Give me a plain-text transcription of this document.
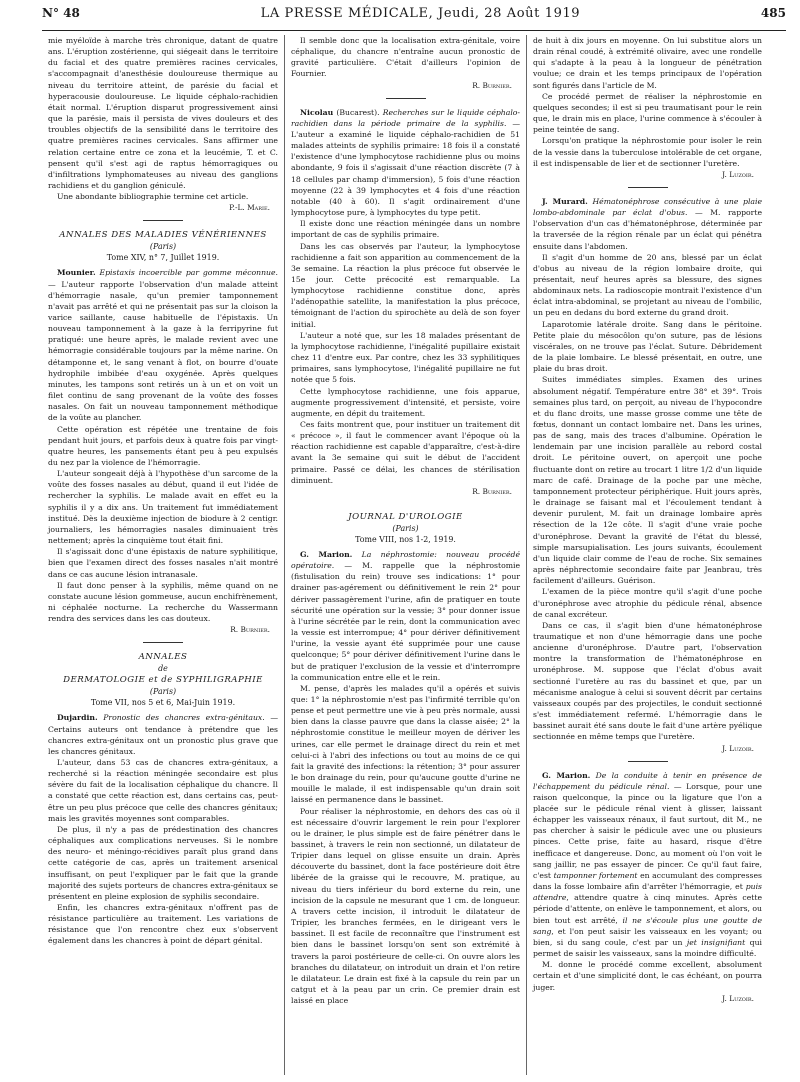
N° 48	LA PRESSE MÉDICALE, Jeudi, 28 Août 1919	485

mie myéloïde à marche très chronique, datant de quatre ans. L'éruption zostérienne, qui siégeait dans le territoire du facial et des quatre premières racines cervicales, s'accompagnait d'anesthésie douloureuse thermique au niveau du territoire atteint, de parésie du facial et hyperacousie douloureuse. Le liquide céphalo-rachidien était normal. L'éruption disparut progressivement ainsi que la parésie, mais il persista de vives douleurs et des troubles objectifs de la sensibilité dans le territoire des quatre premières racines cervicales. Sans affirmer une relation certaine entre ce zona et la leucémie, T. et C. pensent qu'il s'est agi de raptus hémorragiques ou d'infiltrations lymphomateuses au niveau des ganglions rachidiens et du ganglion géniculé.

Une abondante bibliographie termine cet article.

P.-L. Marie.
ANNALES DES MALADIES VÉNÉRIENNES
(Paris)
Tome XIV, n° 7, Juillet 1919.

Mounier. Epistaxis incoercible par gomme méconnue. — L'auteur rapporte l'observation d'un malade atteint d'hémorragie nasale, qu'un premier tamponnement n'avait pas arrêté et qui ne présentait pas sur la cloison la varice saillante, cause habituelle de l'épistaxis. Un nouveau tamponnement à la gaze à la ferripyrine fut pratiqué: une heure après, le malade revient avec une hémorragie considérable toujours par la même narine. On détamponne et, le sang venant à flot, on bourre d'ouate hydrophile imbibée d'eau oxygénée. Après quelques minutes, les tampons sont retirés un à un et on voit un filet continu de sang provenant de la voûte des fosses nasales. On fait un nouveau tamponnement méthodique de la voûte au plancher.

Cette opération est répétée une trentaine de fois pendant huit jours, et parfois deux à quatre fois par vingt-quatre heures, les pansements étant peu à peu expulsés du nez par la violence de l'hémorragie.

L'auteur songeait déjà à l'hypothèse d'un sarcome de la voûte des fosses nasales au début, quand il eut l'idée de rechercher la syphilis. Le malade avait en effet eu la syphilis il y a dix ans. Un traitement fut immédiatement institué. Dès la deuxième injection de biodure à 2 centigr. journaliers, les hémorragies nasales diminuaient très nettement; après la cinquième tout était fini.

Il s'agissait donc d'une épistaxis de nature syphilitique, bien que l'examen direct des fosses nasales n'ait montré dans ce cas aucune lésion intranasale.

Il faut donc penser à la syphilis, même quand on ne constate aucune lésion gommeuse, aucun enchifrènement, ni céphalée nocturne. La recherche du Wassermann rendra des services dans les cas douteux.

R. Burnier.
ANNALES
de
DERMATOLOGIE et de SYPHILIGRAPHIE
(Paris)
Tome VII, nos 5 et 6, Mai-Juin 1919.

Dujardin. Pronostic des chancres extra-génitaux. — Certains auteurs ont tendance à prétendre que les chancres extra-génitaux ont un pronostic plus grave que les chancres génitaux.

L'auteur, dans 53 cas de chancres extra-génitaux, a recherché si la réaction méningée secondaire est plus sévère du fait de la localisation céphalique du chancre. Il a constaté que cette réaction est, dans certains cas, peut-être un peu plus précoce que celle des chancres génitaux; mais les gravités moyennes sont comparables.

De plus, il n'y a pas de prédestination des chancres céphaliques aux complications nerveuses. Si le nombre des neuro- et méningo-récidives paraît plus grand dans cette catégorie de cas, après un traitement arsenical insuffisant, on peut l'expliquer par le fait que la grande majorité des sujets porteurs de chancres extra-génitaux se présentent en pleine explosion de syphilis secondaire.

Enfin, les chancres extra-génitaux n'offrent pas de résistance particulière au traitement. Les variations de résistance que l'on rencontre chez eux s'observent également dans les chancres à point de départ génital.

Il semble donc que la localisation extra-génitale, voire céphalique, du chancre n'entraîne aucun pronostic de gravité particulière. C'était d'ailleurs l'opinion de Fournier.

R. Burnier.

Nicolau (Bucarest). Recherches sur le liquide céphalo-rachidien dans la période primaire de la syphilis. — L'auteur a examiné le liquide céphalo-rachidien de 51 malades atteints de syphilis primaire: 18 fois il a constaté l'existence d'une lymphocytose rachidienne plus ou moins abondante, 9 fois il s'agissait d'une réaction discrète (7 à 18 cellules par champ d'immersion), 5 fois d'une réaction moyenne (22 à 39 lymphocytes et 4 fois d'une réaction notable (40 à 60). Il s'agit ordinairement d'une lymphocytose pure, à lymphocytes du type petit.

Il existe donc une réaction méningée dans un nombre important de cas de syphilis primaire.

Dans les cas observés par l'auteur, la lymphocytose rachidienne a fait son apparition au commencement de la 3e semaine. La réaction la plus précoce fut observée le 15e jour. Cette précocité est remarquable. La lymphocytose rachidienne constitue donc, après l'adénopathie satellite, la manifestation la plus précoce, témoignant de l'action du spirochète au delà de son foyer initial.

L'auteur a noté que, sur les 18 malades présentant de la lymphocytose rachidienne, l'inégalité pupillaire existait chez 11 d'entre eux. Par contre, chez les 33 syphilitiques primaires, sans lymphocytose, l'inégalité pupillaire ne fut notée que 5 fois.

Cette lymphocytose rachidienne, une fois apparue, augmente progressivement d'intensité, et persiste, voire augmente, en dépit du traitement.

Ces faits montrent que, pour instituer un traitement dit « précoce », il faut le commencer avant l'époque où la réaction rachidienne est capable d'apparaître, c'est-à-dire avant la 3e semaine qui suit le début de l'accident primaire. Passé ce délai, les chances de stérilisation diminuent.

R. Burnier.
JOURNAL D'UROLOGIE
(Paris)
Tome VIII, nos 1-2, 1919.

G. Marion. La néphrostomie: nouveau procédé opératoire. — M. rappelle que la néphrostomie (fistulisation du rein) trouve ses indications: 1° pour drainer pas-agérement ou définitivement le rein 2° pour dériver passagèrement l'urine, afin de pratiquer en toute sécurité une opération sur la vessie; 3° pour donner issue à l'urine sécrétée par le rein, dont la communication avec la vessie est interrompue; 4° pour dériver définitivement l'urine, la vessie ayant été supprimée pour une cause quelconque; 5° pour dériver définitivement l'urine dans le but de pratiquer l'exclusion de la vessie et d'interrompre la communication entre elle et le rein.

M. pense, d'après les malades qu'il a opérés et suivis que: 1° la néphrostomie n'est pas l'infirmité terrible qu'on pense et peut permettre une vie à peu près normale, aussi bien dans la classe pauvre que dans la classe aisée; 2° la néphrostomie constitue le meilleur moyen de dériver les urines, car elle permet le drainage direct du rein et met celui-ci à l'abri des infections ou tout au moins de ce qui fait la gravité des infections: la rétention; 3° pour assurer le bon drainage du rein, pour qu'aucune goutte d'urine ne mouille le malade, il est indispensable qu'un drain soit laissé en permanence dans le bassinet.

Pour réaliser la néphrostomie, en dehors des cas où il est nécessaire d'ouvrir largement le rein pour l'explorer ou le drainer, le plus simple est de faire pénétrer dans le bassinet, à travers le rein non sectionné, un dilatateur de Tripier dans lequel on glisse ensuite un drain. Après découverte du bassinet, dont la face postérieure doit être libérée de la graisse qui le recouvre, M. pratique, au niveau du tiers inférieur du bord externe du rein, une incision de la capsule ne mesurant que 1 cm. de longueur. A travers cette incision, il introduit le dilatateur de Tripier, les branches fermées, en le dirigeant vers le bassinet. Il est facile de reconnaître que l'instrument est bien dans le bassinet lorsqu'on sent son extrémité à travers la paroi postérieure de celle-ci. On ouvre alors les branches du dilatateur, on introduit un drain et l'on retire le dilatateur. Le drain est fixé à la capsule du rein par un catgut et à la peau par un crin. Ce premier drain est laissé en place

de huit à dix jours en moyenne. On lui substitue alors un drain rénal coudé, à extrémité olivaire, avec une rondelle qui s'adapte à la peau à la longueur de pénétration voulue; ce drain et les temps principaux de l'opération sont figurés dans l'article de M.

Ce procédé permet de réaliser la néphrostomie en quelques secondes; il est si peu traumatisant pour le rein que, le drain mis en place, l'urine commence à s'écouler à peine teintée de sang.

Lorsqu'on pratique la néphrostomie pour isoler le rein de la vessie dans la tuberculose intolérable de cet organe, il est indispensable de lier et de sectionner l'uretère.

J. Luzoir.

J. Murard. Hématonéphrose consécutive à une plaie lombo-abdominale par éclat d'obus. — M. rapporte l'observation d'un cas d'hématonéphrose, déterminée par la traversée de la région rénale par un éclat qui pénétra ensuite dans l'abdomen.

Il s'agit d'un homme de 20 ans, blessé par un éclat d'obus au niveau de la région lombaire droite, qui présentait, neuf heures après sa blessure, des signes abdominaux nets. La radioscopie montrait l'existence d'un éclat intra-abdominal, se projetant au niveau de l'ombilic, un peu en dedans du bord externe du grand droit.

Laparotomie latérale droite. Sang dans le péritoine. Petite plaie du mésocôlon qu'on suture, pas de lésions viscérales, on ne trouve pas l'éclat. Suture. Débridement de la plaie lombaire. Le blessé présentait, en outre, une plaie du bras droit.

Suites immédiates simples. Examen des urines absolument négatif. Température entre 38° et 39°. Trois semaines plus tard, on perçoit, au niveau de l'hypocondre et du flanc droits, une masse grosse comme une tête de fœtus, donnant un contact lombaire net. Dans les urines, pas de sang, mais des traces d'albumine. Opération le lendemain par une incision parallèle au rebord costal droit. Le péritoine ouvert, on aperçoit une poche fluctuante dont on retire au trocart 1 litre 1/2 d'un liquide marc de café. Drainage de la poche par une mèche, tamponnement protecteur périphérique. Huit jours après, le drainage se faisant mal et l'écoulement tendant à devenir purulent, M. fait un drainage lombaire après résection de la 12e côte. Il s'agit d'une vraie poche d'uronéphrose. Devant la gravité de l'état du blessé, simple marsupialisation. Les jours suivants, écoulement d'un liquide clair comme de l'eau de roche. Six semaines après néphrectomie secondaire faite par Jeanbrau, très facilement d'ailleurs. Guérison.

L'examen de la pièce montre qu'il s'agit d'une poche d'uronéphrose avec atrophie du pédicule rénal, absence de canal excréteur.

Dans ce cas, il s'agit bien d'une hématonéphrose traumatique et non d'une hémorragie dans une poche ancienne d'uronéphrose. D'autre part, l'observation montre la transformation de l'hématonéphrose en uronéphrose. M. suppose que l'éclat d'obus avait sectionné l'uretère au ras du bassinet et que, par un mécanisme analogue à celui si souvent décrit par certains vaisseaux coupés par des projectiles, le conduit sectionné s'est immédiatement refermé. L'hémorragie dans le bassinet aurait été sans doute le fait d'une artère pyélique sectionnée en même temps que l'uretère.

J. Luzoir.

G. Marion. De la conduite à tenir en présence de l'échappement du pédicule rénal. — Lorsque, pour une raison quelconque, la pince ou la ligature que l'on a placée sur le pédicule rénal vient à glisser, laissant échapper les vaisseaux rénaux, il faut surtout, dit M., ne pas chercher à saisir le pédicule avec une ou plusieurs pinces. Cette prise, faite au hasard, risque d'être inefficace et dangereuse. Donc, au moment où l'on voit le sang jaillir, ne pas essayer de pincer. Ce qu'il faut faire, c'est tamponner fortement en accumulant des compresses dans la fosse lombaire afin d'arrêter l'hémorragie, et puis attendre, attendre quatre à cinq minutes. Après cette période d'attente, on enlève le tamponnement, et alors, ou bien tout est arrêté, il ne s'écoule plus une goutte de sang, et l'on peut saisir les vaisseaux en les voyant; ou bien, si du sang coule, c'est par un jet insignifiant qui permet de saisir les vaisseaux, sans la moindre difficulté.

M. donne le procédé comme excellent, absolument certain et d'une simplicité dont, le cas échéant, on pourra juger.

J. Luzoir.
